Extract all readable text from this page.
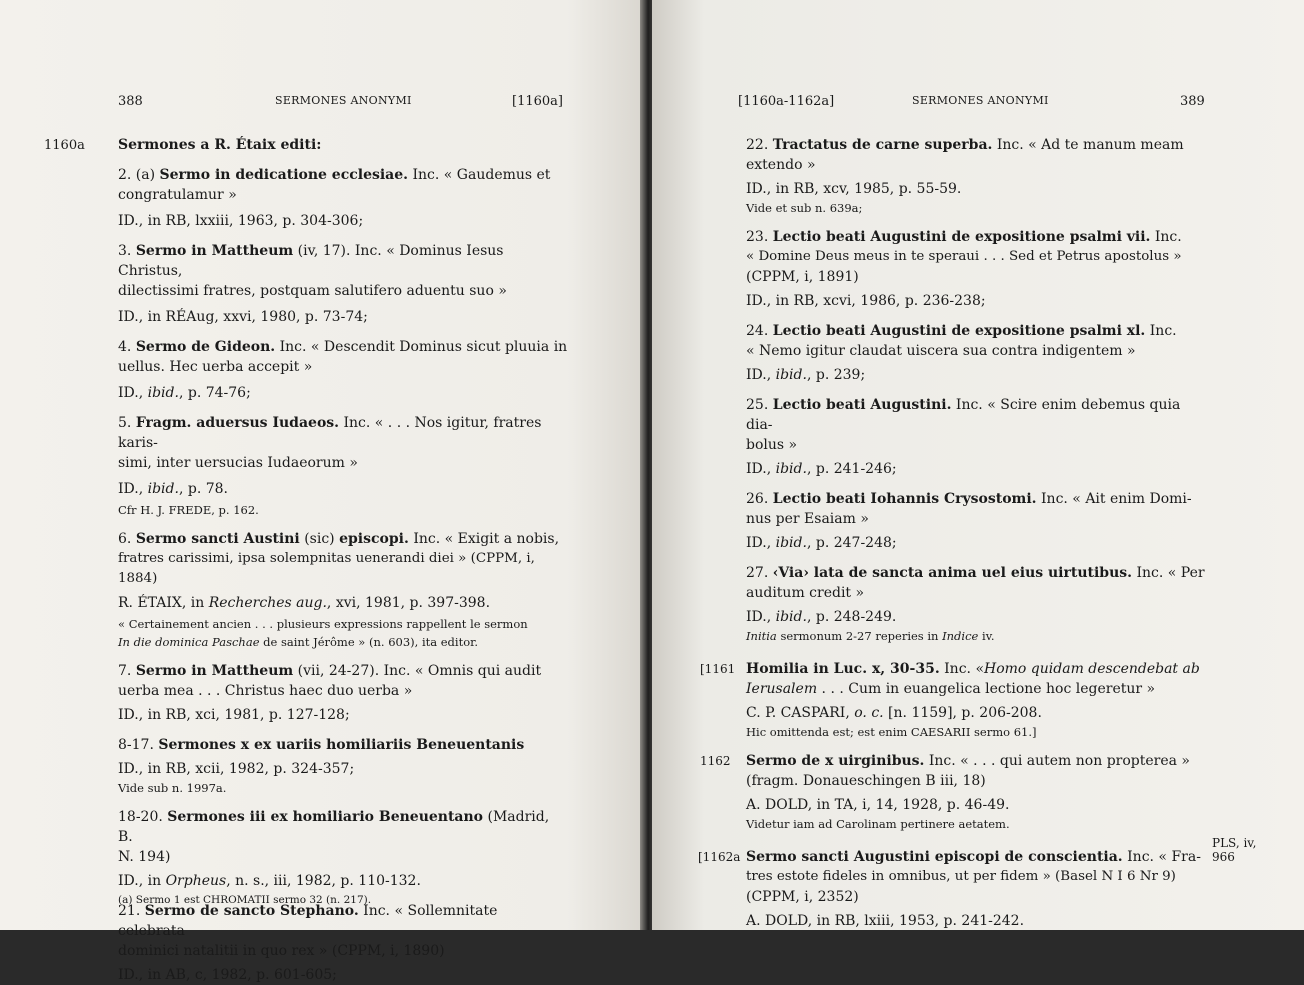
388	SERMONES ANONYMI	[1160a]
1160a Sermones a R. Étaix editi:

2. (a) Sermo in dedicatione ecclesiae. Inc. « Gaudemus et

congratulamur »

ID., in RB, lxxiii, 1963, p. 304-306;

3. Sermo in Mattheum (iv, 17). Inc. « Dominus Iesus Christus,

dilectissimi fratres, postquam salutifero aduentu suo »

ID., in RÉAug, xxvi, 1980, p. 73-74;

4. Sermo de Gideon. Inc. « Descendit Dominus sicut pluuia in

uellus. Hec uerba accepit »

ID., ibid., p. 74-76;

5. Fragm. aduersus Iudaeos. Inc. « . . . Nos igitur, fratres karis-

simi, inter uersucias Iudaeorum »

ID., ibid., p. 78.

Cfr H. J. FREDE, p. 162.

6. Sermo sancti Austini (sic) episcopi. Inc. « Exigit a nobis,

fratres carissimi, ipsa solempnitas uenerandi diei » (CPPM, i, 1884)

R. ÉTAIX, in Recherches aug., xvi, 1981, p. 397-398.

« Certainement ancien . . . plusieurs expressions rappellent le sermon

In die dominica Paschae de saint Jérôme » (n. 603), ita editor.

7. Sermo in Mattheum (vii, 24-27). Inc. « Omnis qui audit

uerba mea . . . Christus haec duo uerba »

ID., in RB, xci, 1981, p. 127-128;

8-17. Sermones x ex uariis homiliariis Beneuentanis

ID., in RB, xcii, 1982, p. 324-357;

Vide sub n. 1997a.

18-20. Sermones iii ex homiliario Beneuentano (Madrid, B.

N. 194)

ID., in Orpheus, n. s., iii, 1982, p. 110-132.

21. Sermo de sancto Stephano. Inc. « Sollemnitate celebrata

dominici natalitii in quo rex » (CPPM, i, 1890)

ID., in AB, c, 1982, p. 601-605;

(a) Sermo 1 est CHROMATII sermo 32 (n. 217).
[1160a-1162a]	SERMONES ANONYMI	389

22. Tractatus de carne superba. Inc. « Ad te manum meam

extendo »

ID., in RB, xcv, 1985, p. 55-59.

Vide et sub n. 639a;

23. Lectio beati Augustini de expositione psalmi vii. Inc.

« Domine Deus meus in te speraui . . . Sed et Petrus apostolus »

(CPPM, i, 1891)

ID., in RB, xcvi, 1986, p. 236-238;

24. Lectio beati Augustini de expositione psalmi xl. Inc.

« Nemo igitur claudat uiscera sua contra indigentem »

ID., ibid., p. 239;

25. Lectio beati Augustini. Inc. « Scire enim debemus quia dia-

bolus »

ID., ibid., p. 241-246;

26. Lectio beati Iohannis Crysostomi. Inc. « Ait enim Domi-

nus per Esaiam »

ID., ibid., p. 247-248;

27. ‹Via› lata de sancta anima uel eius uirtutibus. Inc. « Per

auditum credit »

ID., ibid., p. 248-249.

Initia sermonum 2-27 reperies in Indice iv.

[1161 Homilia in Luc. x, 30-35. Inc. «Homo quidam descendebat ab

Ierusalem . . . Cum in euangelica lectione hoc legeretur »

C. P. CASPARI, o. c. [n. 1159], p. 206-208.

Hic omittenda est; est enim CAESARII sermo 61.]

1162 Sermo de x uirginibus. Inc. « . . . qui autem non propterea »

(fragm. Donaueschingen B iii, 18)

A. DOLD, in TA, i, 14, 1928, p. 46-49.

Videtur iam ad Carolinam pertinere aetatem.

[1162a Sermo sancti Augustini episcopi de conscientia. Inc. « Fra-

tres estote fideles in omnibus, ut per fidem » (Basel N I 6 Nr 9)

(CPPM, i, 2352)

A. DOLD, in RB, lxiii, 1953, p. 241-242.

PLS, iv,
966
